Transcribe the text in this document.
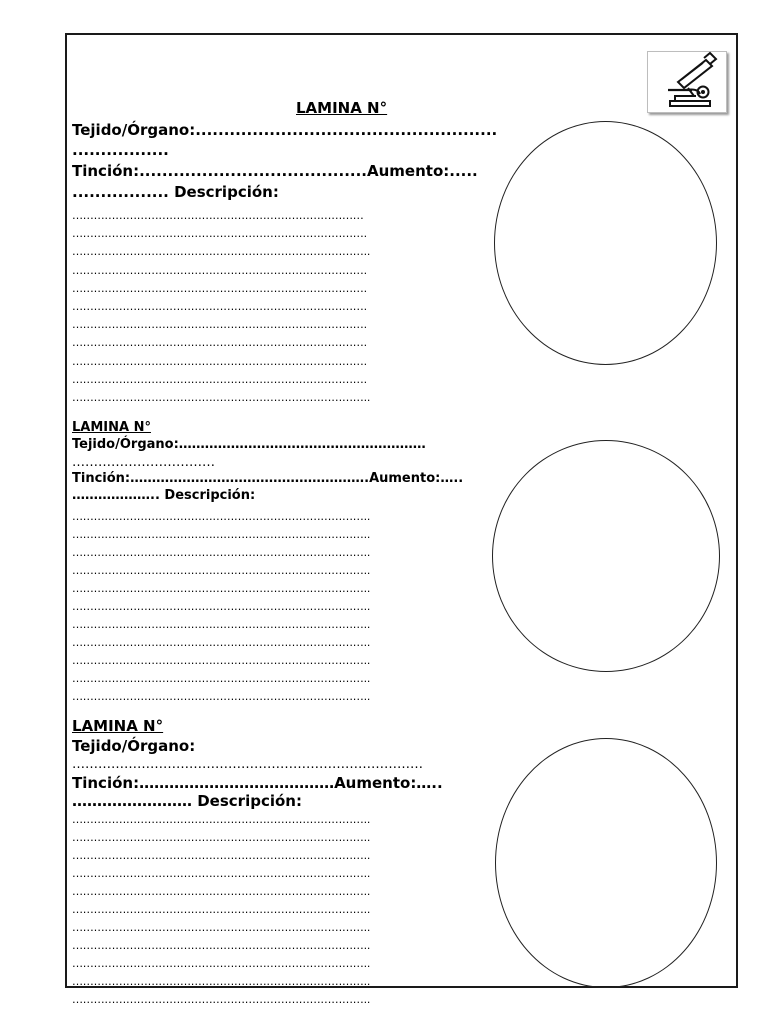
LAMINA N°
Tejido/Órgano:.....................................................
.................
Tinción:........................................Aumento:.....
................. Descripción:
………………………………………………………………………
……………………………………………………………………….
………………………………………………………………………..
……………………………………………………………………….
……………………………………………………………………….
……………………………………………………………………….
……………………………………………………………………….
……………………………………………………………………….
……………………………………………………………………….
……………………………………………………………………….
………………………………………………………………………..
LAMINA N°
Tejido/Órgano:…………………………………………………
……………………………
Tinción:……………………………………………….Aumento:…..
……………….. Descripción:
………………………………………………………………………..
………………………………………………………………………..
………………………………………………………………………..
………………………………………………………………………..
………………………………………………………………………..
………………………………………………………………………..
………………………………………………………………………..
………………………………………………………………………..
………………………………………………………………………..
………………………………………………………………………..
………………………………………………………………………..
LAMINA N°
Tejido/Órgano:
………………………………………………………………………
Tinción:…………………………………Aumento:…..
…………………… Descripción:
………………………………………………………………………..
………………………………………………………………………..
………………………………………………………………………..
………………………………………………………………………..
………………………………………………………………………..
………………………………………………………………………..
………………………………………………………………………..
………………………………………………………………………..
………………………………………………………………………..
………………………………………………………………………..
………………………………………………………………………..
